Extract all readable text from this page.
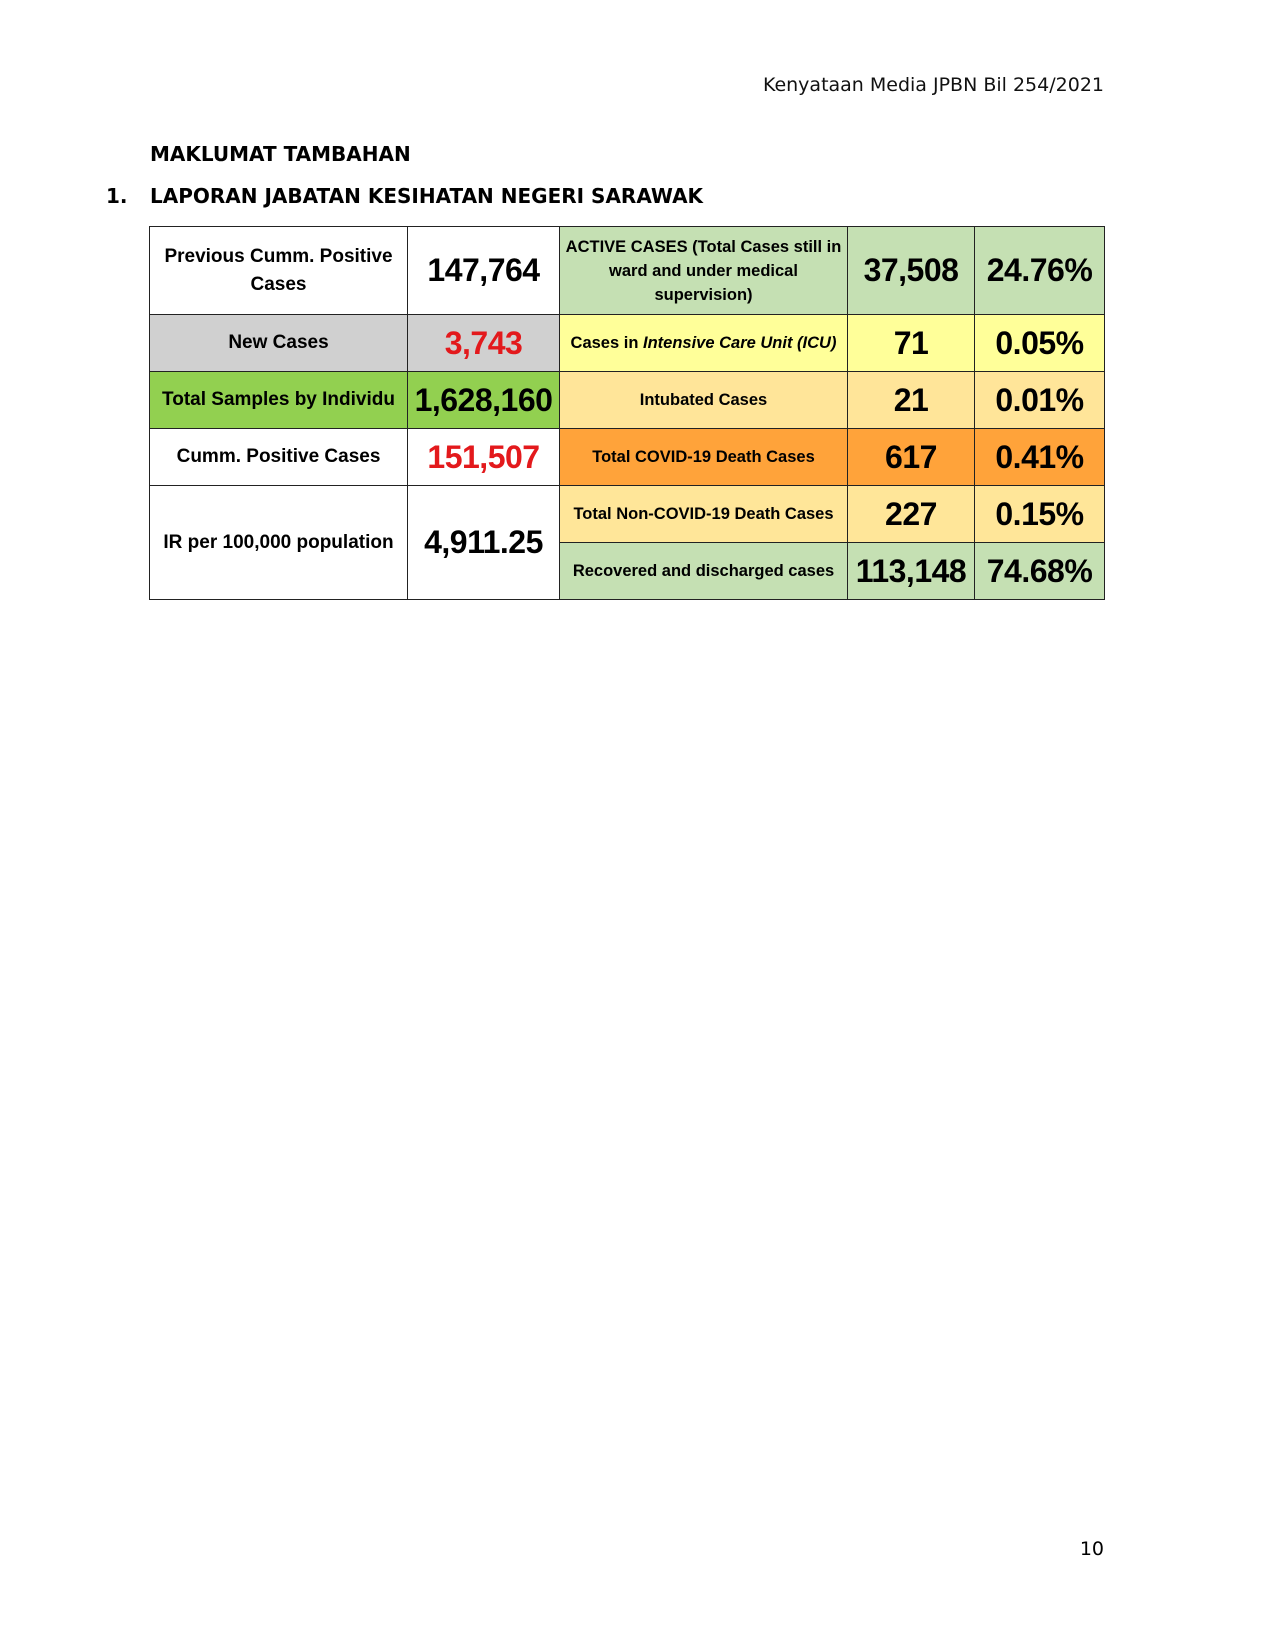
Kenyataan Media JPBN Bil 254/2021
MAKLUMAT TAMBAHAN
1. LAPORAN JABATAN KESIHATAN NEGERI SARAWAK
Previous Cumm. Positive Cases	147,764	ACTIVE CASES (Total Cases still in ward and under medical supervision)	37,508	24.76%
New Cases	3,743	Cases in Intensive Care Unit (ICU)	71	0.05%
Total Samples by Individu	1,628,160	Intubated Cases	21	0.01%
Cumm. Positive Cases	151,507	Total COVID-19 Death Cases	617	0.41%
IR per 100,000 population	4,911.25	Total Non-COVID-19 Death Cases	227	0.15%
		Recovered and discharged cases	113,148	74.68%
10
